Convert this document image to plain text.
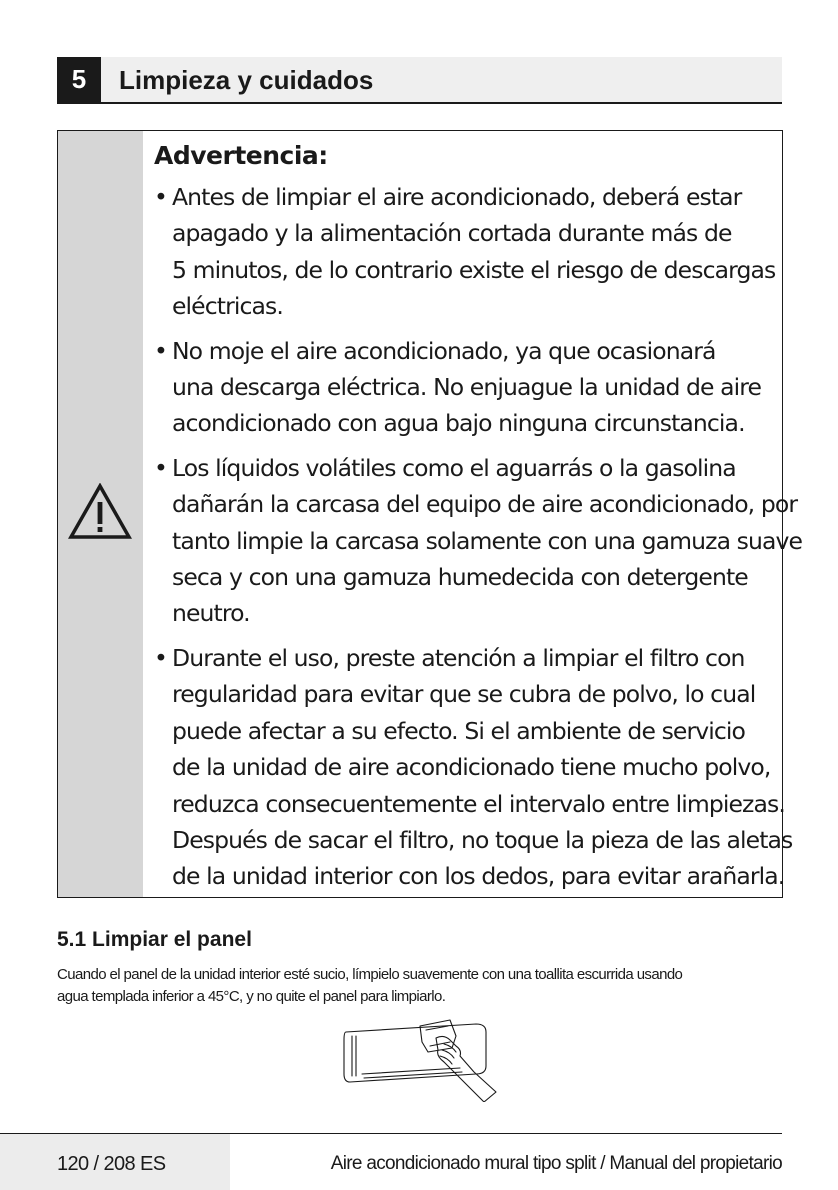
5	Limpieza y cuidados
Advertencia:
• Antes de limpiar el aire acondicionado, deberá estar
apagado y la alimentación cortada durante más de
5 minutos, de lo contrario existe el riesgo de descargas
eléctricas.
• No moje el aire acondicionado, ya que ocasionará
una descarga eléctrica. No enjuague la unidad de aire
acondicionado con agua bajo ninguna circunstancia.
• Los líquidos volátiles como el aguarrás o la gasolina
dañarán la carcasa del equipo de aire acondicionado, por
tanto limpie la carcasa solamente con una gamuza suave
seca y con una gamuza humedecida con detergente
neutro.
• Durante el uso, preste atención a limpiar el filtro con
regularidad para evitar que se cubra de polvo, lo cual
puede afectar a su efecto. Si el ambiente de servicio
de la unidad de aire acondicionado tiene mucho polvo,
reduzca consecuentemente el intervalo entre limpiezas.
Después de sacar el filtro, no toque la pieza de las aletas
de la unidad interior con los dedos, para evitar arañarla.
5.1 Limpiar el panel
Cuando el panel de la unidad interior esté sucio, límpielo suavemente con una toallita escurrida usando
agua templada inferior a 45°C, y no quite el panel para limpiarlo.
120 / 208 ES	Aire acondicionado mural tipo split / Manual del propietario
